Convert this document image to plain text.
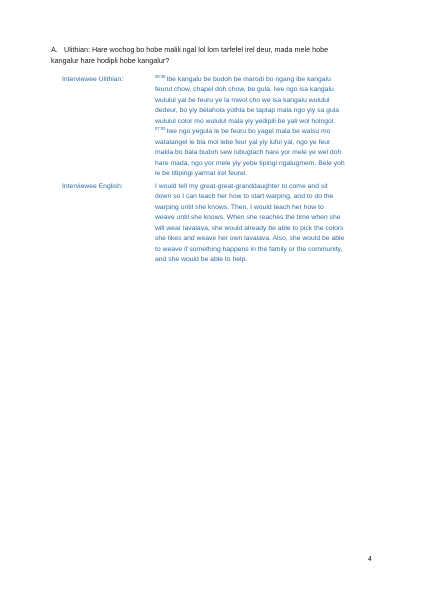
A. Ulithian: Hare wochog bo hobe malili ngal lol lom tarfefel irel deur, mada mele hobe
kangalur hare hodipli hobe kangalur?
Interviewee Ulithian:	$^{06:38}$Ibe kangalu be budoh be marodi bo ngang ibe kangalu
feurul chow, chapel doh chow, be gula. Iwe ngo isa kangalu
wululul yal be feuru ye la mwol cho we isa kangalu wululul
dedeur, bo yiy belahola yothla be taptap mala ngo yiy sa gula
wululul color mo wululul mala yiy yedipili be yali wol holngol.
$^{07:00}$Iwe ngo yegula le be feuru bo yagel mala be walsu mo
watalangel le bla mol lebe feur yal yiy lufui yal, ngo ye feur
makla bo bala budoh sew lubugtach hare yor mele ye wel doh
hare mada, ngo yor mele yiy yebe tipingi ngalugmem. Bele yoh
le be titipingi yarmat irel feurel.
Interviewee English:	I would tell my great-great-granddaughter to come and sit
down so I can teach her how to start warping, and to do the
warping until she knows. Then, I would teach her how to
weave until she knows. When she reaches the time when she
will wear lavalava, she would already be able to pick the colors
she likes and weave her own lavalava. Also, she would be able
to weave if something happens in the family or the community,
and she would be able to help.
4
